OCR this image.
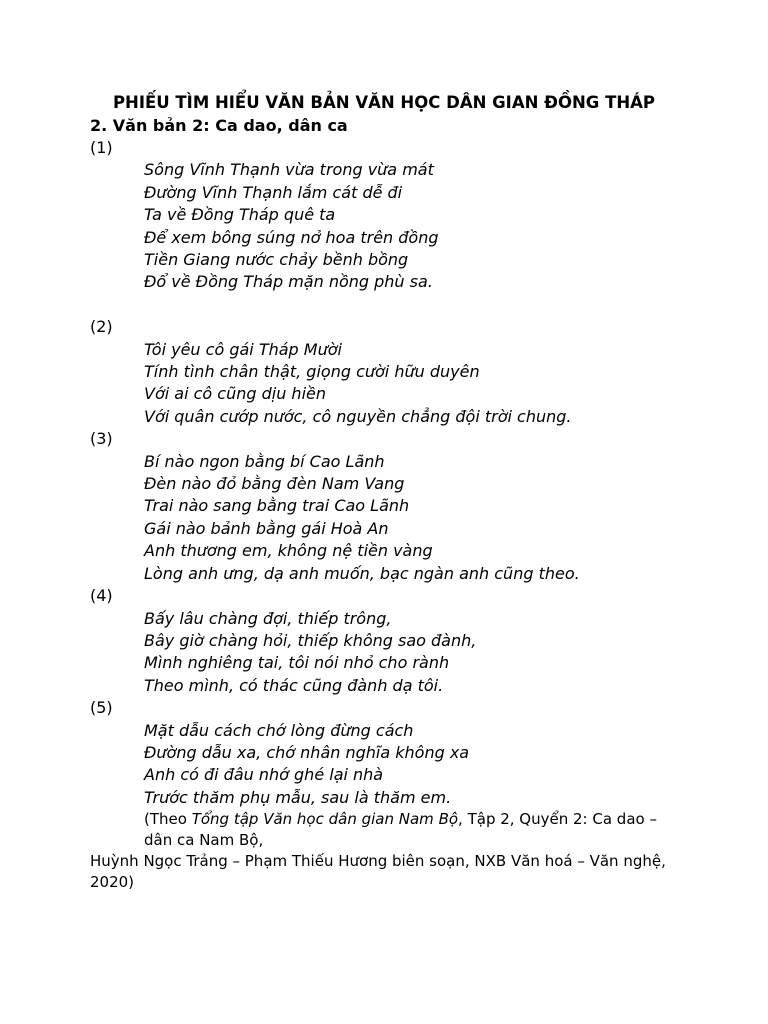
PHIẾU TÌM HIỂU VĂN BẢN VĂN HỌC DÂN GIAN ĐỒNG THÁP
2. Văn bản 2: Ca dao, dân ca
(1)
Sông Vĩnh Thạnh vừa trong vừa mát
Đường Vĩnh Thạnh lắm cát dễ đi
Ta về Đồng Tháp quê ta
Để xem bông súng nở hoa trên đồng
Tiền Giang nước chảy bềnh bồng
Đổ về Đồng Tháp mặn nồng phù sa.
(2)
Tôi yêu cô gái Tháp Mười
Tính tình chân thật, giọng cười hữu duyên
Với ai cô cũng dịu hiền
Với quân cướp nước, cô nguyền chẳng đội trời chung.
(3)
Bí nào ngon bằng bí Cao Lãnh
Đèn nào đỏ bằng đèn Nam Vang
Trai nào sang bằng trai Cao Lãnh
Gái nào bảnh bằng gái Hoà An
Anh thương em, không nệ tiền vàng
Lòng anh ưng, dạ anh muốn, bạc ngàn anh cũng theo.
(4)
Bấy lâu chàng đợi, thiếp trông,
Bây giờ chàng hỏi, thiếp không sao đành,
Mình nghiêng tai, tôi nói nhỏ cho rành
Theo mình, có thác cũng đành dạ tôi.
(5)
Mặt dẫu cách chớ lòng đừng cách
Đường dẫu xa, chớ nhân nghĩa không xa
Anh có đi đâu nhớ ghé lại nhà
Trước thăm phụ mẫu, sau là thăm em.
(Theo Tổng tập Văn học dân gian Nam Bộ, Tập 2, Quyển 2: Ca dao – dân ca Nam Bộ,
Huỳnh Ngọc Trảng – Phạm Thiếu Hương biên soạn, NXB Văn hoá – Văn nghệ, 2020)
